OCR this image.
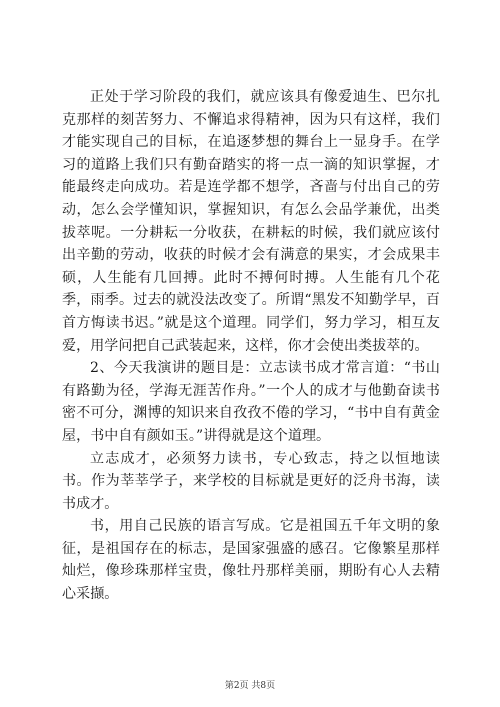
正处于学习阶段的我们，就应该具有像爱迪生、巴尔扎克那样的刻苦努力、不懈追求得精神，因为只有这样，我们才能实现自己的目标，在追逐梦想的舞台上一显身手。在学习的道路上我们只有勤奋踏实的将一点一滴的知识掌握，才能最终走向成功。若是连学都不想学，吝啬与付出自己的劳动，怎么会学懂知识，掌握知识，有怎么会品学兼优，出类拔萃呢。一分耕耘一分收获，在耕耘的时候，我们就应该付出辛勤的劳动，收获的时候才会有满意的果实，才会成果丰硕，人生能有几回搏。此时不搏何时搏。人生能有几个花季，雨季。过去的就没法改变了。所谓“黑发不知勤学早，百首方悔读书迟。”就是这个道理。同学们，努力学习，相互友爱，用学问把自己武装起来，这样，你才会使出类拔萃的。

2、今天我演讲的题目是：立志读书成才常言道：“书山有路勤为径，学海无涯苦作舟。”一个人的成才与他勤奋读书密不可分，渊博的知识来自孜孜不倦的学习，“书中自有黄金屋，书中自有颜如玉。”讲得就是这个道理。

立志成才，必须努力读书，专心致志，持之以恒地读书。作为莘莘学子，来学校的目标就是更好的泛舟书海，读书成才。

书，用自己民族的语言写成。它是祖国五千年文明的象征，是祖国存在的标志，是国家强盛的感召。它像繁星那样灿烂，像珍珠那样宝贵，像牡丹那样美丽，期盼有心人去精心采撷。

第2页 共8页
